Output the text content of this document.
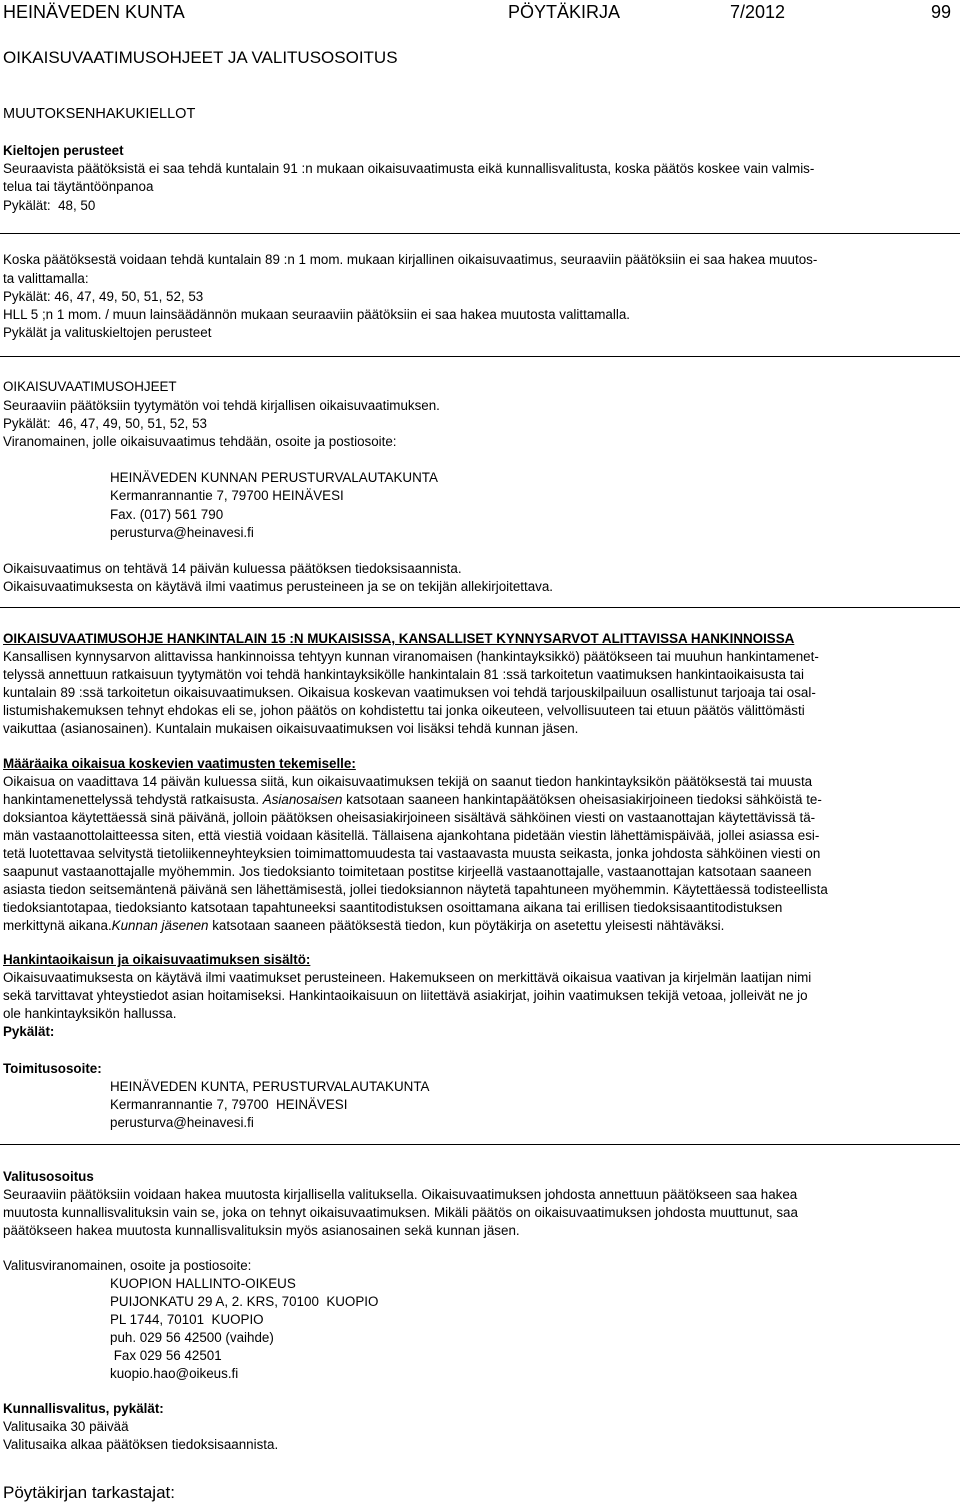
HEINÄVEDEN KUNTA	PÖYTÄKIRJA	7/2012	99
OIKAISUVAATIMUSOHJEET JA VALITUSOSOITUS
MUUTOKSENHAKUKIELLOT
Kieltojen perusteet
Seuraavista päätöksistä ei saa tehdä kuntalain 91 :n mukaan oikaisuvaatimusta eikä kunnallisvalitusta, koska päätös koskee vain valmis-
telua tai täytäntöönpanoa
Pykälät:  48, 50
Koska päätöksestä voidaan tehdä kuntalain 89 :n 1 mom. mukaan kirjallinen oikaisuvaatimus, seuraaviin päätöksiin ei saa hakea muutos-
ta valittamalla:
Pykälät: 46, 47, 49, 50, 51, 52, 53
HLL 5 ;n 1 mom. / muun lainsäädännön mukaan seuraaviin päätöksiin ei saa hakea muutosta valittamalla.
Pykälät ja valituskieltojen perusteet
OIKAISUVAATIMUSOHJEET
Seuraaviin päätöksiin tyytymätön voi tehdä kirjallisen oikaisuvaatimuksen.
Pykälät:  46, 47, 49, 50, 51, 52, 53
Viranomainen, jolle oikaisuvaatimus tehdään, osoite ja postiosoite:
HEINÄVEDEN KUNNAN PERUSTURVALAUTAKUNTA
Kermanrannantie 7, 79700 HEINÄVESI
Fax. (017) 561 790
perusturva@heinavesi.fi
Oikaisuvaatimus on tehtävä 14 päivän kuluessa päätöksen tiedoksisaannista.
Oikaisuvaatimuksesta on käytävä ilmi vaatimus perusteineen ja se on tekijän allekirjoitettava.
OIKAISUVAATIMUSOHJE HANKINTALAIN 15 :N MUKAISISSA, KANSALLISET KYNNYSARVOT ALITTAVISSA HANKINNOISSA
Kansallisen kynnysarvon alittavissa hankinnoissa tehtyyn kunnan viranomaisen (hankintayksikkö) päätökseen tai muuhun hankintamenet-
telyssä annettuun ratkaisuun tyytymätön voi tehdä hankintayksikölle hankintalain 81 :ssä tarkoitetun vaatimuksen hankintaoikaisusta tai
kuntalain 89 :ssä tarkoitetun oikaisuvaatimuksen. Oikaisua koskevan vaatimuksen voi tehdä tarjouskilpailuun osallistunut tarjoaja tai osal-
listumishakemuksen tehnyt ehdokas eli se, johon päätös on kohdistettu tai jonka oikeuteen, velvollisuuteen tai etuun päätös välittömästi
vaikuttaa (asianosainen). Kuntalain mukaisen oikaisuvaatimuksen voi lisäksi tehdä kunnan jäsen.
Määräaika oikaisua koskevien vaatimusten tekemiselle:
Oikaisua on vaadittava 14 päivän kuluessa siitä, kun oikaisuvaatimuksen tekijä on saanut tiedon hankintayksikön päätöksestä tai muusta
hankintamenettelyssä tehdystä ratkaisusta. Asianosaisen katsotaan saaneen hankintapäätöksen oheisasiakirjoineen tiedoksi sähköistä te-
doksiantoa käytettäessä sinä päivänä, jolloin päätöksen oheisasiakirjoineen sisältävä sähköinen viesti on vastaanottajan käytettävissä tä-
män vastaanottolaitteessa siten, että viestiä voidaan käsitellä. Tällaisena ajankohtana pidetään viestin lähettämispäivää, jollei asiassa esi-
tetä luotettavaa selvitystä tietoliikenneyhteyksien toimimattomuudesta tai vastaavasta muusta seikasta, jonka johdosta sähköinen viesti on
saapunut vastaanottajalle myöhemmin. Jos tiedoksianto toimitetaan postitse kirjeellä vastaanottajalle, vastaanottajan katsotaan saaneen
asiasta tiedon seitsemäntenä päivänä sen lähettämisestä, jollei tiedoksiannon näytetä tapahtuneen myöhemmin. Käytettäessä todisteellista
tiedoksiantotapaa, tiedoksianto katsotaan tapahtuneeksi saantitodistuksen osoittamana aikana tai erillisen tiedoksisaantitodistuksen
merkittynä aikana.Kunnan jäsenen katsotaan saaneen päätöksestä tiedon, kun pöytäkirja on asetettu yleisesti nähtäväksi.
Hankintaoikaisun ja oikaisuvaatimuksen sisältö:
Oikaisuvaatimuksesta on käytävä ilmi vaatimukset perusteineen. Hakemukseen on merkittävä oikaisua vaativan ja kirjelmän laatijan nimi
sekä tarvittavat yhteystiedot asian hoitamiseksi. Hankintaoikaisuun on liitettävä asiakirjat, joihin vaatimuksen tekijä vetoaa, jolleivät ne jo
ole hankintayksikön hallussa.
Pykälät:
Toimitusosoite:
HEINÄVEDEN KUNTA, PERUSTURVALAUTAKUNTA
Kermanrannantie 7, 79700  HEINÄVESI
perusturva@heinavesi.fi
Valitusosoitus
Seuraaviin päätöksiin voidaan hakea muutosta kirjallisella valituksella. Oikaisuvaatimuksen johdosta annettuun päätökseen saa hakea
muutosta kunnallisvalituksin vain se, joka on tehnyt oikaisuvaatimuksen. Mikäli päätös on oikaisuvaatimuksen johdosta muuttunut, saa
päätökseen hakea muutosta kunnallisvalituksin myös asianosainen sekä kunnan jäsen.
Valitusviranomainen, osoite ja postiosoite:
KUOPION HALLINTO-OIKEUS
PUIJONKATU 29 A, 2. KRS, 70100  KUOPIO
PL 1744, 70101  KUOPIO
puh. 029 56 42500 (vaihde)
Fax 029 56 42501
kuopio.hao@oikeus.fi
Kunnallisvalitus, pykälät:
Valitusaika 30 päivää
Valitusaika alkaa päätöksen tiedoksisaannista.
Pöytäkirjan tarkastajat:
